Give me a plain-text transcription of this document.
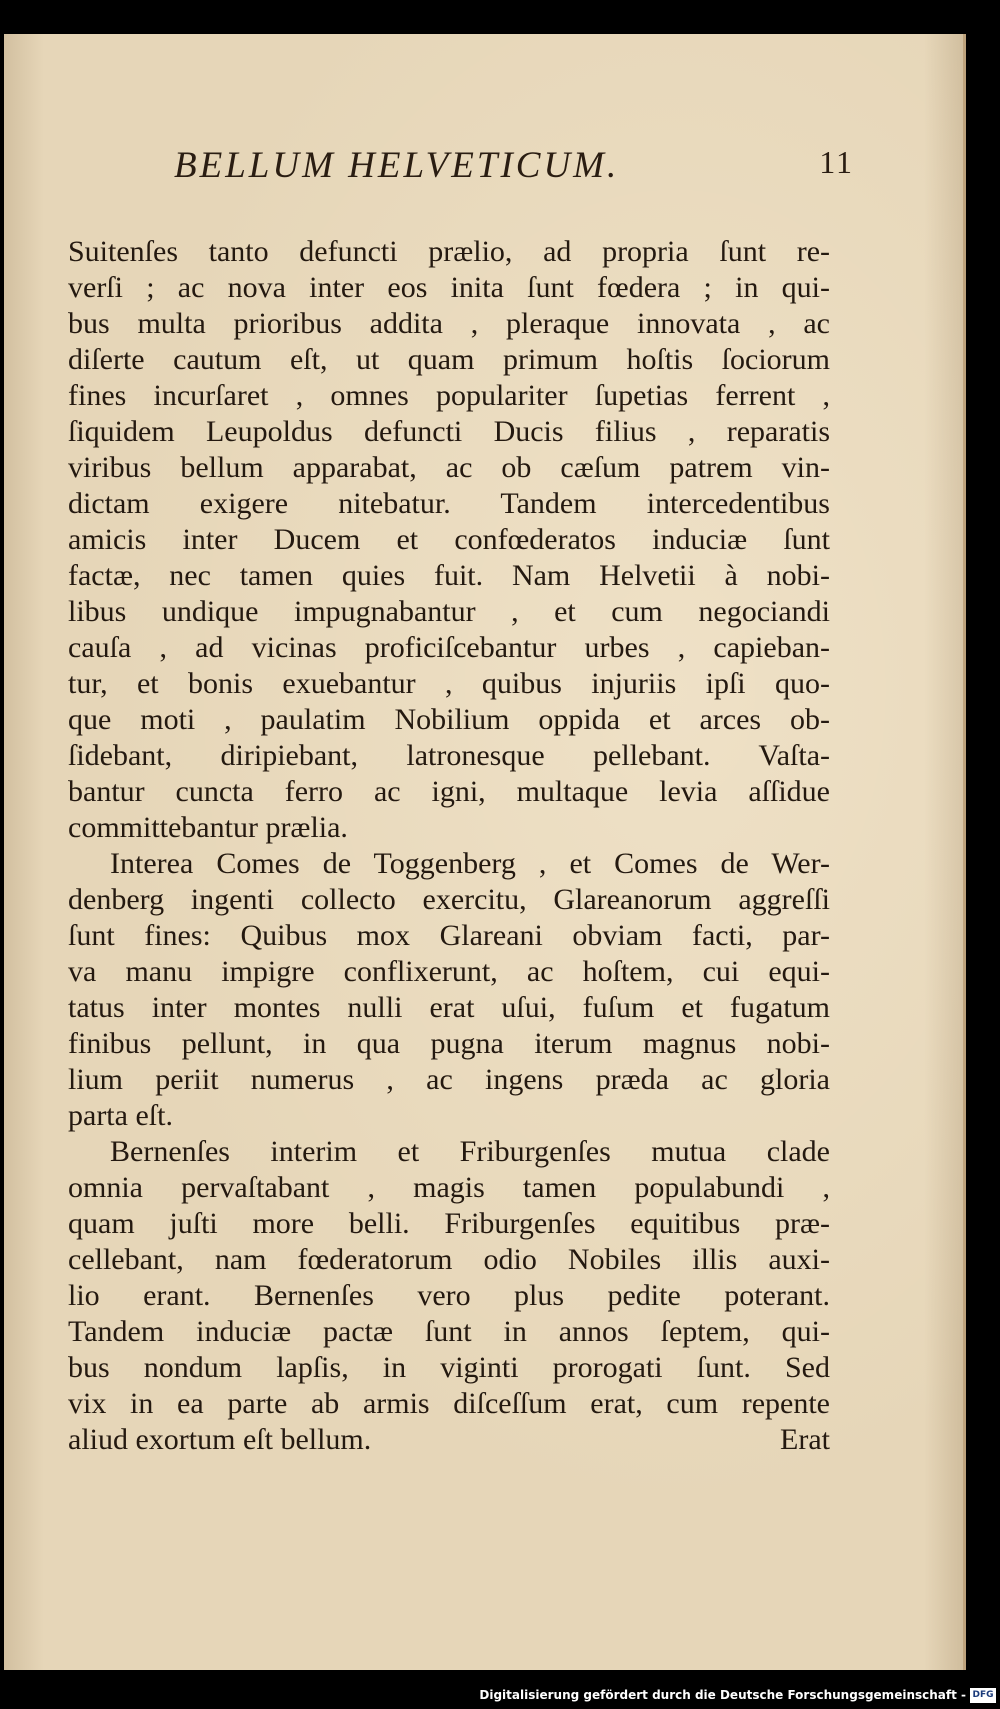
BELLUM HELVETICUM.	11
Suitenſes tanto defuncti prælio, ad propria ſunt re-
verſi ; ac nova inter eos inita ſunt fœdera ; in qui-
bus multa prioribus addita , pleraque innovata , ac
diſerte cautum eſt, ut quam primum hoſtis ſociorum
fines incurſaret , omnes populariter ſupetias ferrent ,
ſiquidem Leupoldus defuncti Ducis filius , reparatis
viribus bellum apparabat, ac ob cæſum patrem vin-
dictam exigere nitebatur. Tandem intercedentibus
amicis inter Ducem et confœderatos induciæ ſunt
factæ, nec tamen quies fuit. Nam Helvetii à nobi-
libus undique impugnabantur , et cum negociandi
cauſa , ad vicinas proficiſcebantur urbes , capieban-
tur, et bonis exuebantur , quibus injuriis ipſi quo-
que moti , paulatim Nobilium oppida et arces ob-
ſidebant, diripiebant, latronesque pellebant. Vaſta-
bantur cuncta ferro ac igni, multaque levia aſſidue
committebantur prælia.
Interea Comes de Toggenberg , et Comes de Wer-
denberg ingenti collecto exercitu, Glareanorum aggreſſi
ſunt fines: Quibus mox Glareani obviam facti, par-
va manu impigre conflixerunt, ac hoſtem, cui equi-
tatus inter montes nulli erat uſui, fuſum et fugatum
finibus pellunt, in qua pugna iterum magnus nobi-
lium periit numerus , ac ingens præda ac gloria
parta eſt.
Bernenſes interim et Friburgenſes mutua clade
omnia pervaſtabant , magis tamen populabundi ,
quam juſti more belli. Friburgenſes equitibus præ-
cellebant, nam fœderatorum odio Nobiles illis auxi-
lio erant. Bernenſes vero plus pedite poterant.
Tandem induciæ pactæ ſunt in annos ſeptem, qui-
bus nondum lapſis, in viginti prorogati ſunt. Sed
vix in ea parte ab armis diſceſſum erat, cum repente
aliud exortum eſt bellum.	Erat
Digitalisierung gefördert durch die Deutsche Forschungsgemeinschaft - DFG
